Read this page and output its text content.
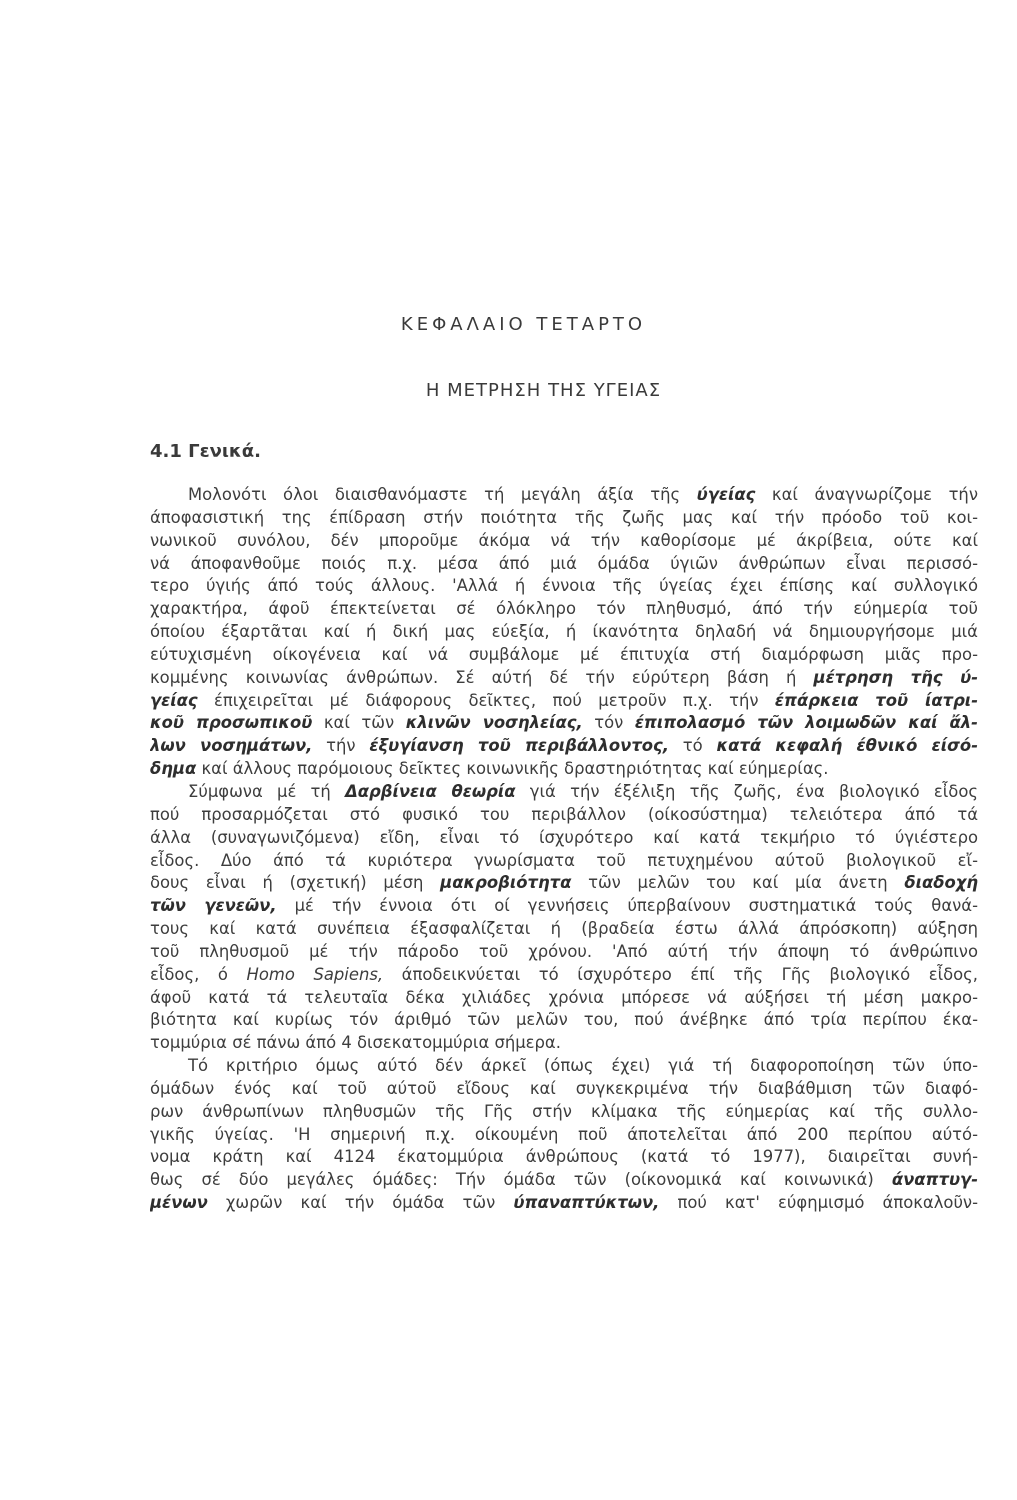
ΚΕΦΑΛΑΙΟ ΤΕΤΑΡΤΟ
Η ΜΕΤΡΗΣΗ ΤΗΣ ΥΓΕΙΑΣ
4.1 Γενικά.
Μολονότι όλοι διαισθανόμαστε τή μεγάλη άξία τῆς ύγείας καί άναγνωρίζομε τήν
άποφασιστική της έπίδραση στήν ποιότητα τῆς ζωῆς μας καί τήν πρόοδο τοῦ κοι-
νωνικοῦ συνόλου, δέν μποροῦμε άκόμα νά τήν καθορίσομε μέ άκρίβεια, ούτε καί
νά άποφανθοῦμε ποιός π.χ. μέσα άπό μιά όμάδα ύγιῶν άνθρώπων εἶναι περισσό-
τερο ύγιής άπό τούς άλλους. 'Αλλά ή έννοια τῆς ύγείας έχει έπίσης καί συλλογικό
χαρακτήρα, άφοῦ έπεκτείνεται σέ όλόκληρο τόν πληθυσμό, άπό τήν εύημερία τοῦ
όποίου έξαρτᾶται καί ή δική μας εύεξία, ή ίκανότητα δηλαδή νά δημιουργήσομε μιά
εύτυχισμένη οίκογένεια καί νά συμβάλομε μέ έπιτυχία στή διαμόρφωση μιᾶς προ-
κομμένης κοινωνίας άνθρώπων. Σέ αύτή δέ τήν εύρύτερη βάση ή μέτρηση τῆς ύ-
γείας έπιχειρεῖται μέ διάφορους δεῖκτες, πού μετροῦν π.χ. τήν έπάρκεια τοῦ ίατρι-
κοῦ προσωπικοῦ καί τῶν κλινῶν νοσηλείας, τόν έπιπολασμό τῶν λοιμωδῶν καί ἄλ-
λων νοσημάτων, τήν έξυγίανση τοῦ περιβάλλοντος, τό κατά κεφαλή έθνικό είσό-
δημα καί άλλους παρόμοιους δεῖκτες κοινωνικῆς δραστηριότητας καί εύημερίας.
Σύμφωνα μέ τή Δαρβίνεια θεωρία γιά τήν έξέλιξη τῆς ζωῆς, ένα βιολογικό εἶδος
πού προσαρμόζεται στό φυσικό του περιβάλλον (οίκοσύστημα) τελειότερα άπό τά
άλλα (συναγωνιζόμενα) εἴδη, εἶναι τό ίσχυρότερο καί κατά τεκμήριο τό ύγιέστερο
εἶδος. Δύο άπό τά κυριότερα γνωρίσματα τοῦ πετυχημένου αύτοῦ βιολογικοῦ εἴ-
δους εἶναι ή (σχετική) μέση μακροβιότητα τῶν μελῶν του καί μία άνετη διαδοχή
τῶν γενεῶν, μέ τήν έννοια ότι οί γεννήσεις ύπερβαίνουν συστηματικά τούς θανά-
τους καί κατά συνέπεια έξασφαλίζεται ή (βραδεία έστω άλλά άπρόσκοπη) αύξηση
τοῦ πληθυσμοῦ μέ τήν πάροδο τοῦ χρόνου. 'Από αύτή τήν άποψη τό άνθρώπινο
εἶδος, ό Homo Sapiens, άποδεικνύεται τό ίσχυρότερο έπί τῆς Γῆς βιολογικό εἶδος,
άφοῦ κατά τά τελευταῖα δέκα χιλιάδες χρόνια μπόρεσε νά αύξήσει τή μέση μακρο-
βιότητα καί κυρίως τόν άριθμό τῶν μελῶν του, πού άνέβηκε άπό τρία περίπου έκα-
τομμύρια σέ πάνω άπό 4 δισεκατομμύρια σήμερα.
Τό κριτήριο όμως αύτό δέν άρκεῖ (όπως έχει) γιά τή διαφοροποίηση τῶν ύπο-
όμάδων ένός καί τοῦ αύτοῦ εἴδους καί συγκεκριμένα τήν διαβάθμιση τῶν διαφό-
ρων άνθρωπίνων πληθυσμῶν τῆς Γῆς στήν κλίμακα τῆς εύημερίας καί τῆς συλλο-
γικῆς ύγείας. 'Η σημερινή π.χ. οίκουμένη ποῦ άποτελεῖται άπό 200 περίπου αύτό-
νομα κράτη καί 4124 έκατομμύρια άνθρώπους (κατά τό 1977), διαιρεῖται συνή-
θως σέ δύο μεγάλες όμάδες: Τήν όμάδα τῶν (οίκονομικά καί κοινωνικά) άναπτυγ-
μένων χωρῶν καί τήν όμάδα τῶν ύπαναπτύκτων, πού κατ' εύφημισμό άποκαλοῦν-
